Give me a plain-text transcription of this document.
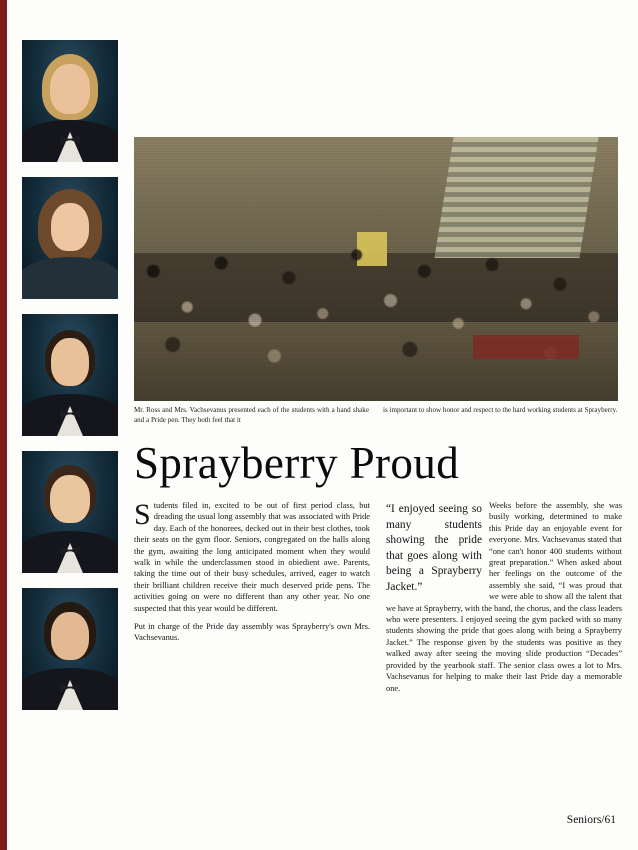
Mr. Ross and Mrs. Vachsevanus presented each of the students with a hand shake and a Pride pen. They both feel that it
is important to show honor and respect to the hard working students at Sprayberry.
Sprayberry Proud

Students filed in, excited to be out of first period class, but dreading the usual long assembly that was associated with Pride day. Each of the honorees, decked out in their best clothes, took their seats on the gym floor. Seniors, congregated on the halls along the gym, awaiting the long anticipated moment when they would walk in while the underclassmen stood in obiedient awe. Parents, taking the time out of their busy schedules, arrived, eager to watch their brilliant children receive their much deserved pride pens. The activities going on were no different than any other year. No one suspected that this year would be different.

Put in charge of the Pride day assembly was Sprayberry's own Mrs. Vachsevanus.

“I enjoyed seeing so many students showing the pride that goes along with being a Sprayberry Jacket.”

Weeks before the assembly, she was busily working, determined to make this Pride day an enjoyable event for everyone. Mrs. Vachsevanus stated that “one can't honor 400 students without great preparation.” When asked about her feelings on the outcome of the assembly she said, “I was proud that we were able to show all the talent that we have at Sprayberry, with the band, the chorus, and the class leaders who were presenters. I enjoyed seeing the gym packed with so many students showing the pride that goes along with being a Sprayberry Jacket.” The response given by the students was positive as they walked away after seeing the moving slide production “Decades” provided by the yearbook staff. The senior class owes a lot to Mrs. Vachsevanus for helping to make their last Pride day a memorable one.

Seniors/61
